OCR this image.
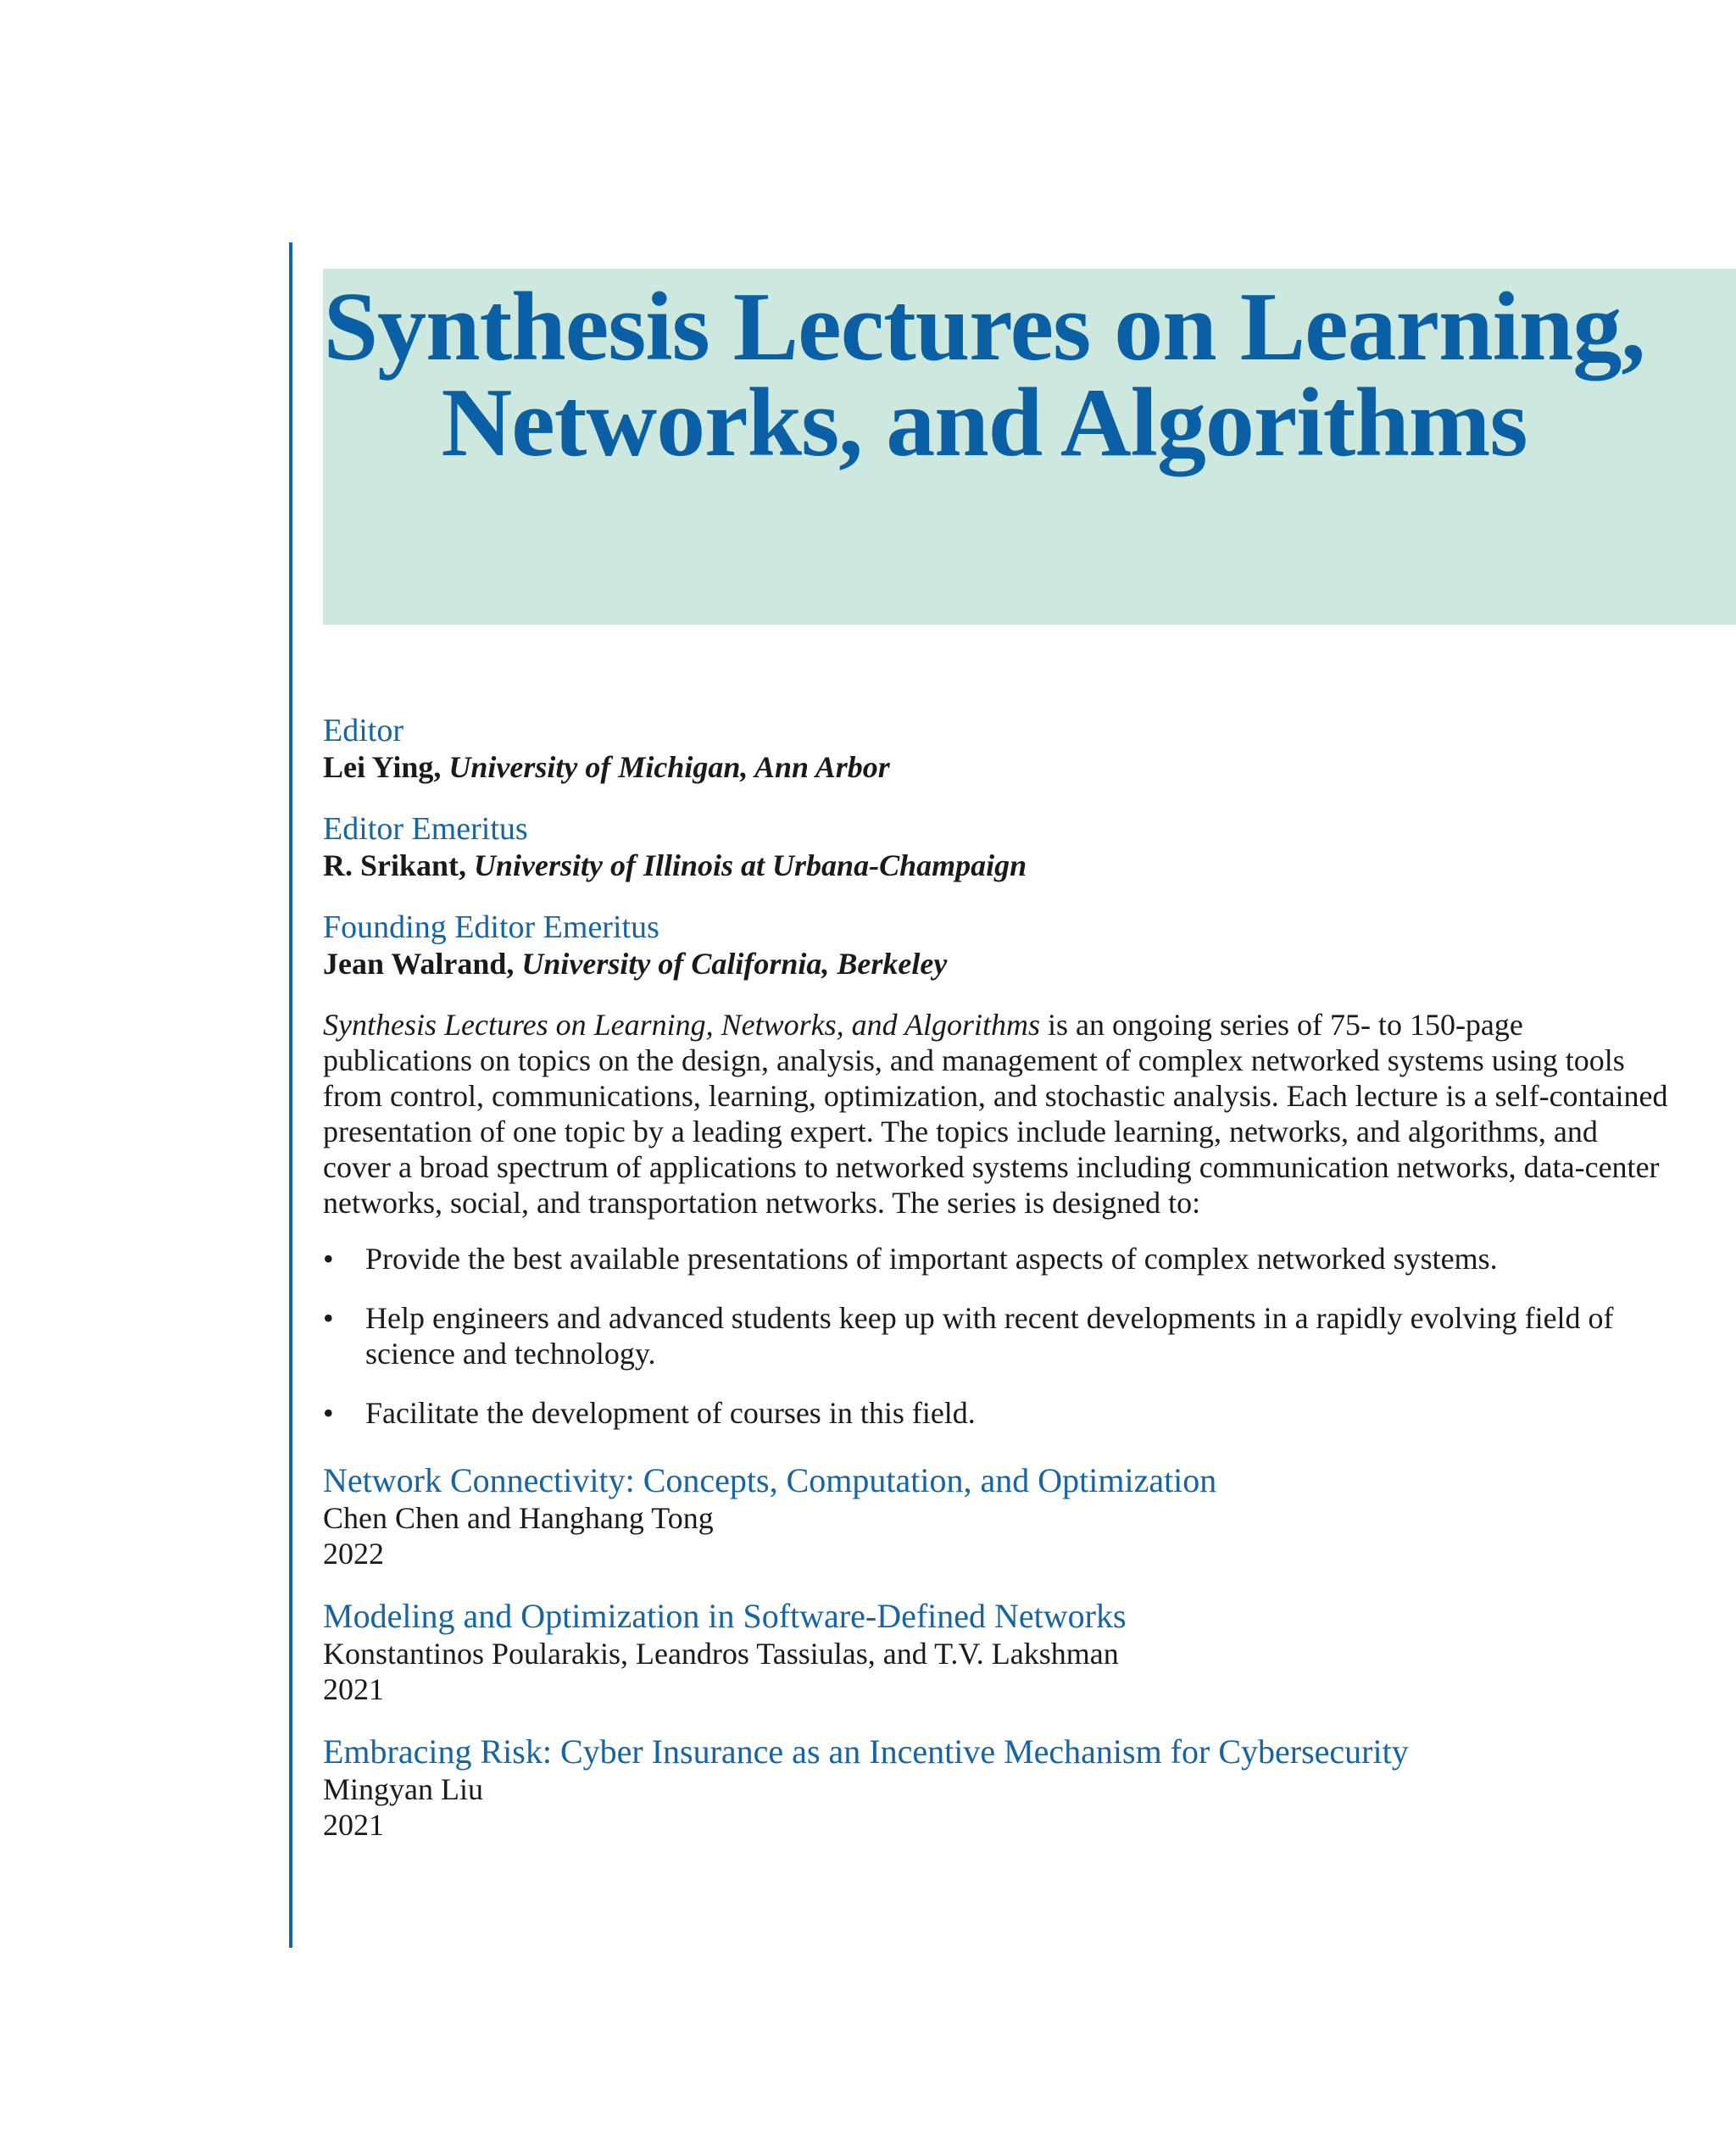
Synthesis Lectures on Learning, Networks, and Algorithms
Editor
Lei Ying, University of Michigan, Ann Arbor
Editor Emeritus
R. Srikant, University of Illinois at Urbana-Champaign
Founding Editor Emeritus
Jean Walrand, University of California, Berkeley

Synthesis Lectures on Learning, Networks, and Algorithms is an ongoing series of 75- to 150-page publications on topics on the design, analysis, and management of complex networked systems using tools from control, communications, learning, optimization, and stochastic analysis. Each lecture is a self-contained presentation of one topic by a leading expert. The topics include learning, networks, and algorithms, and cover a broad spectrum of applications to networked systems including communication networks, data-center networks, social, and transportation networks. The series is designed to:

• Provide the best available presentations of important aspects of complex networked systems.
• Help engineers and advanced students keep up with recent developments in a rapidly evolving field of science and technology.
• Facilitate the development of courses in this field.
Network Connectivity: Concepts, Computation, and Optimization
Chen Chen and Hanghang Tong
2022
Modeling and Optimization in Software-Defined Networks
Konstantinos Poularakis, Leandros Tassiulas, and T.V. Lakshman
2021
Embracing Risk: Cyber Insurance as an Incentive Mechanism for Cybersecurity
Mingyan Liu
2021
